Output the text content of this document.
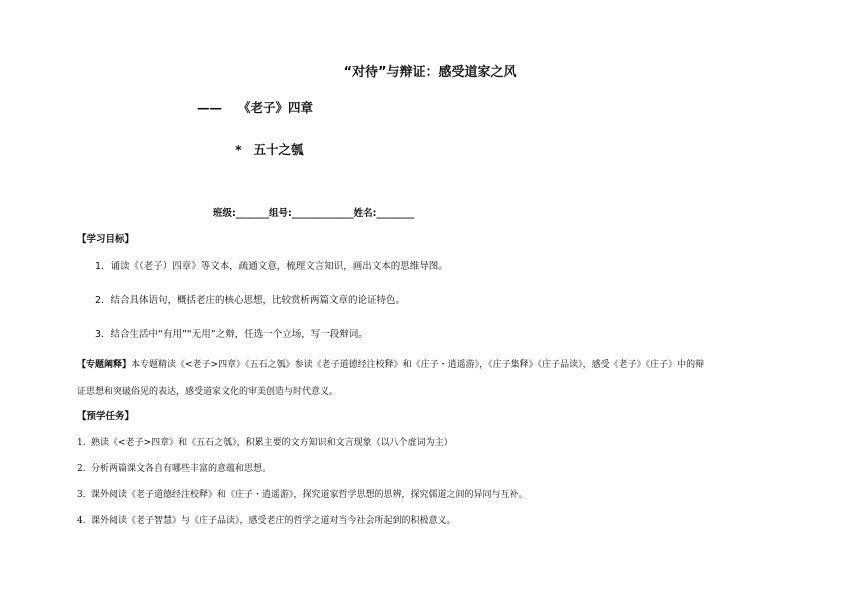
“对待”与辩证：感受道家之风
—— 《老子》四章
* 五十之瓠
班级:_______组号:_____________姓名:________
【学习目标】
1．诵读《（老子）四章》等文本，疏通文意，梳理文言知识，画出文本的思维导图。
2．结合具体语句，概括老庄的核心思想，比较赏析两篇文章的论证特色。
3．结合生活中“有用”“无用”之辩，任选一个立场，写一段辩词。
【专题阐释】本专题精读《<老子>四章》《五石之瓠》参读《老子道德经注校释》和《庄子・逍遥游》，《庄子集释》《庄子品读》，感受《老子》《庄子》中的辩
证思想和突破俗见的表达，感受道家文化的审美创造与时代意义。
【预学任务】
1. 熟读《<老子>四章》和《五石之瓠》，积累主要的文方知识和文言现象（以八个虚词为主）
2. 分析两篇课文各自有哪些丰富的意蕴和思想。
3. 课外阅读《老子道德经注校释》和《庄子・逍遥游》，探究道家哲学思想的思辨，探究儒道之间的异同与互补。
4. 课外阅读《老子智慧》与《庄子品读》，感受老庄的哲学之道对当今社会所起到的积极意义。
